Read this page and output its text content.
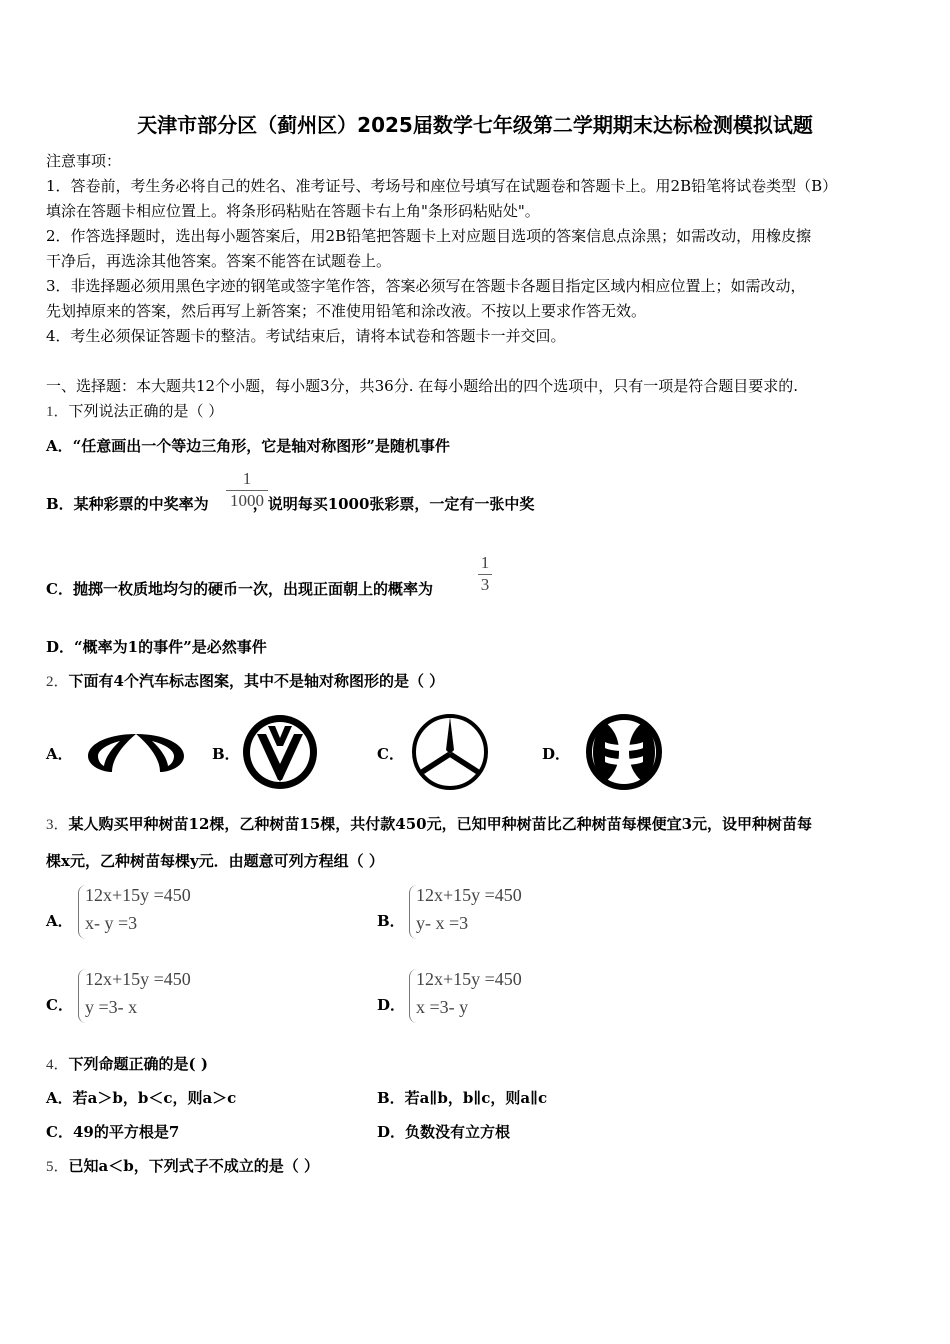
天津市部分区（蓟州区）2025届数学七年级第二学期期末达标检测模拟试题
注意事项：
1．答卷前，考生务必将自己的姓名、准考证号、考场号和座位号填写在试题卷和答题卡上。用2B铅笔将试卷类型（B）
填涂在答题卡相应位置上。将条形码粘贴在答题卡右上角"条形码粘贴处"。
2．作答选择题时，选出每小题答案后，用2B铅笔把答题卡上对应题目选项的答案信息点涂黑；如需改动，用橡皮擦
干净后，再选涂其他答案。答案不能答在试题卷上。
3．非选择题必须用黑色字迹的钢笔或签字笔作答，答案必须写在答题卡各题目指定区域内相应位置上；如需改动，
先划掉原来的答案，然后再写上新答案；不准使用铅笔和涂改液。不按以上要求作答无效。
4．考生必须保证答题卡的整洁。考试结束后，请将本试卷和答题卡一并交回。
一、选择题：本大题共12个小题，每小题3分，共36分. 在每小题给出的四个选项中，只有一项是符合题目要求的.
1．下列说法正确的是（ ）
A．“任意画出一个等边三角形，它是轴对称图形”是随机事件
B．某种彩票的中奖率为	，说明每买1000张彩票，一定有一张中奖
1
1000
C．抛掷一枚质地均匀的硬币一次，出现正面朝上的概率为
1
3
D．“概率为1的事件”是必然事件
2．下面有4个汽车标志图案，其中不是轴对称图形的是（ ）
A．	B．	C．	D．
3．某人购买甲种树苗12棵，乙种树苗15棵，共付款450元，已知甲种树苗比乙种树苗每棵便宜3元，设甲种树苗每
棵x元，乙种树苗每棵y元．由题意可列方程组（ ）
A．
12x+15y =450
x- y =3	B．
12x+15y =450
y- x =3
C．
12x+15y =450
y =3- x	D．
12x+15y =450
x =3- y
4．下列命题正确的是( )
A．若a＞b，b＜c，则a＞c	B．若a∥b，b∥c，则a∥c
C．49的平方根是7	D．负数没有立方根
5．已知a＜b，下列式子不成立的是（ ）
